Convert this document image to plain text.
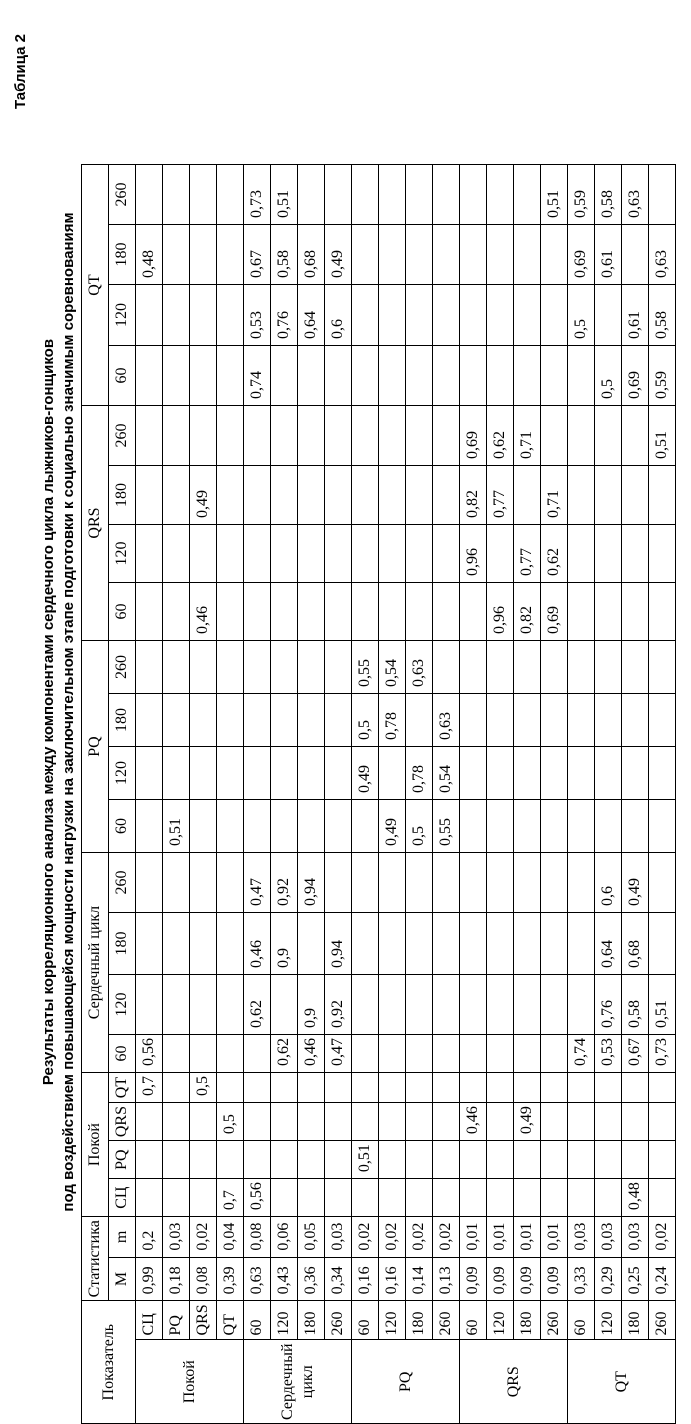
Таблица 2
Результаты корреляционного анализа между компонентами сердечного цикла лыжников-гонщиков под воздействием повышающейся мощности нагрузки на заключительном этапе подготовки к социально значимым соревнованиям
Показатель		Статистика		Покой				Сердечный цикл				PQ				QRS				QT			
		M	m	СЦ	PQ	QRS	QT	60	120	180	260	60	120	180	260	60	120	180	260	60	120	180	260
Покой	СЦ	0,99	0,2				0,7	0,56														0,48	
	PQ	0,18	0,03									0,51											
	QRS	0,08	0,02				0,5									0,46		0,49					
	QT	0,39	0,04	0,7		0,5																	
Сердечный цикл	60	0,63	0,08	0,56					0,62	0,46	0,47									0,74	0,53	0,67	0,73
	120	0,43	0,06					0,62		0,9	0,92										0,76	0,58	0,51
	180	0,36	0,05					0,46	0,9		0,94										0,64	0,68	
	260	0,34	0,03					0,47	0,92	0,94											0,6	0,49	
PQ	60	0,16	0,02		0,51								0,49	0,5	0,55								
	120	0,16	0,02									0,49		0,78	0,54								
	180	0,14	0,02									0,5	0,78		0,63								
	260	0,13	0,02									0,55	0,54	0,63									
QRS	60	0,09	0,01			0,46											0,96	0,82	0,69				
	120	0,09	0,01													0,96		0,77	0,62				
	180	0,09	0,01			0,49										0,82	0,77		0,71				
	260	0,09	0,01													0,69	0,62	0,71					0,51
QT	60	0,33	0,03					0,74													0,5	0,69	0,59
	120	0,29	0,03					0,53	0,76	0,64	0,6									0,5		0,61	0,58
	180	0,25	0,03	0,48				0,67	0,58	0,68	0,49									0,69	0,61		0,63
	260	0,24	0,02					0,73	0,51										0,51	0,59	0,58	0,63	
